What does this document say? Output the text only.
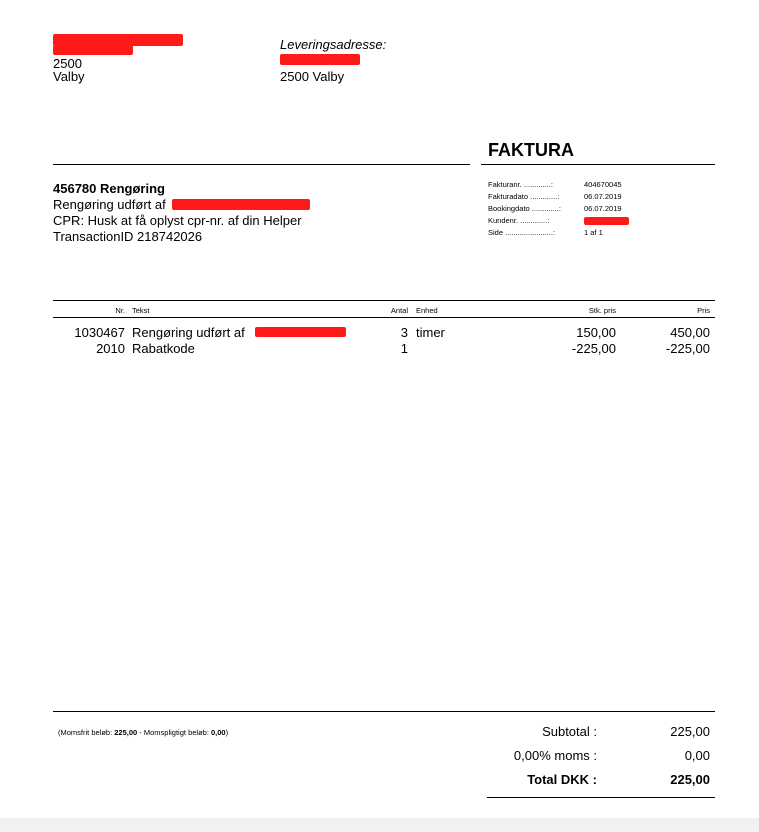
2500
Valby
Leveringsadresse:
2500 Valby
FAKTURA
456780 Rengøring
Rengøring udført af
CPR: Husk at få oplyst cpr-nr. af din Helper
TransactionID 218742026
Fakturanr. .............:	404670045
Fakturadato .............:	06.07.2019
Bookingdato .............:	06.07.2019
Kundenr. .............:
Side .......................:	1 af 1
Nr. Tekst	Antal Enhed	Stk. pris	Pris
1030467 Rengøring udført af	3 timer	150,00	450,00
2010 Rabatkode	1	-225,00	-225,00
(Momsfrit beløb: 225,00 - Momspligtigt beløb: 0,00)	Subtotal :	225,00
0,00% moms :	0,00
Total DKK :	225,00
